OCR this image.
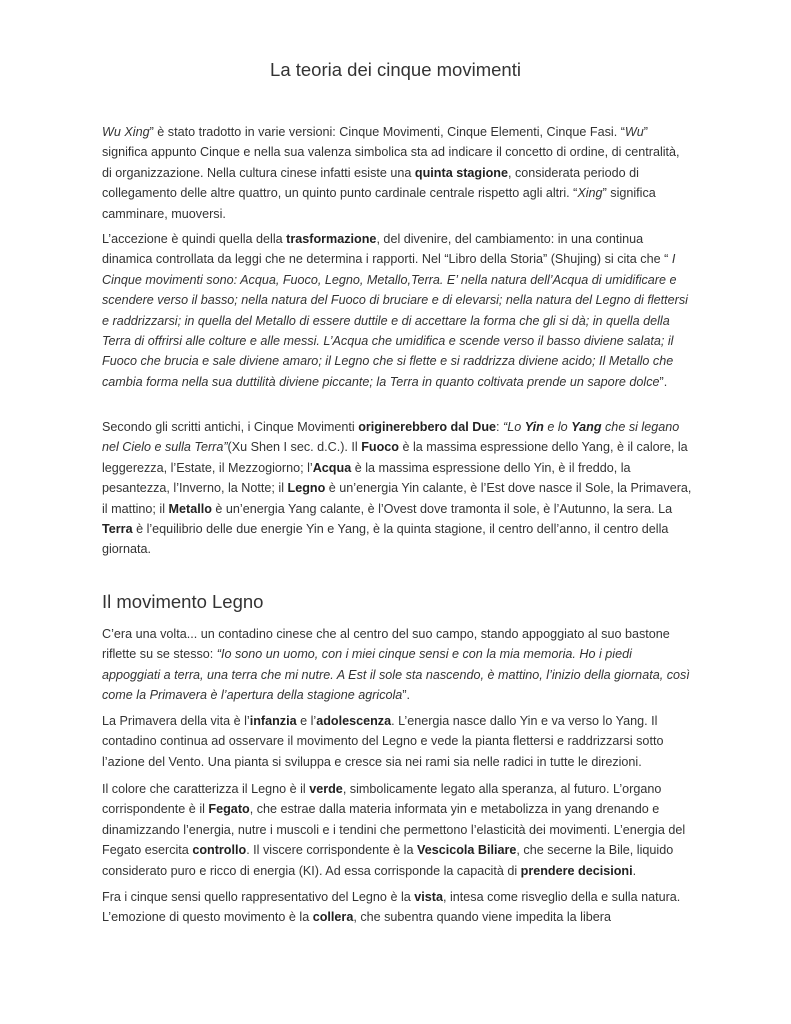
La teoria dei cinque movimenti

Wu Xing” è stato tradotto in varie versioni: Cinque Movimenti, Cinque Elementi, Cinque Fasi. “Wu” significa appunto Cinque e nella sua valenza simbolica sta ad indicare il concetto di ordine, di centralità, di organizzazione. Nella cultura cinese infatti esiste una quinta stagione, considerata periodo di collegamento delle altre quattro, un quinto punto cardinale centrale rispetto agli altri. “Xing” significa camminare, muoversi.

L’accezione è quindi quella della trasformazione, del divenire, del cambiamento: in una continua dinamica controllata da leggi che ne determina i rapporti. Nel “Libro della Storia” (Shujing) si cita che “ I Cinque movimenti sono: Acqua, Fuoco, Legno, Metallo,Terra. E’ nella natura dell’Acqua di umidificare e scendere verso il basso; nella natura del Fuoco di bruciare e di elevarsi; nella natura del Legno di flettersi e raddrizzarsi; in quella del Metallo di essere duttile e di accettare la forma che gli si dà; in quella della Terra di offrirsi alle colture e alle messi. L’Acqua che umidifica e scende verso il basso diviene salata; il Fuoco che brucia e sale diviene amaro; il Legno che si flette e si raddrizza diviene acido; Il Metallo che cambia forma nella sua duttilità diviene piccante; la Terra in quanto coltivata prende un sapore dolce”.

Secondo gli scritti antichi, i Cinque Movimenti originerebbero dal Due: “Lo Yin e lo Yang che si legano nel Cielo e sulla Terra”(Xu Shen I sec. d.C.). Il Fuoco è la massima espressione dello Yang, è il calore, la leggerezza, l’Estate, il Mezzogiorno; l’Acqua è la massima espressione dello Yin, è il freddo, la pesantezza, l’Inverno, la Notte; il Legno è un’energia Yin calante, è l’Est dove nasce il Sole, la Primavera, il mattino; il Metallo è un’energia Yang calante, è l’Ovest dove tramonta il sole, è l’Autunno, la sera. La Terra è l’equilibrio delle due energie Yin e Yang, è la quinta stagione, il centro dell’anno, il centro della giornata.

Il movimento Legno

C’era una volta... un contadino cinese che al centro del suo campo, stando appoggiato al suo bastone riflette su se stesso: “Io sono un uomo, con i miei cinque sensi e con la mia memoria. Ho i piedi appoggiati a terra, una terra che mi nutre. A Est il sole sta nascendo, è mattino, l’inizio della giornata, così come la Primavera è l’apertura della stagione agricola”.

La Primavera della vita è l’infanzia e l’adolescenza. L’energia nasce dallo Yin e va verso lo Yang. Il contadino continua ad osservare il movimento del Legno e vede la pianta flettersi e raddrizzarsi sotto l’azione del Vento. Una pianta si sviluppa e cresce sia nei rami sia nelle radici in tutte le direzioni.

Il colore che caratterizza il Legno è il verde, simbolicamente legato alla speranza, al futuro. L’organo corrispondente è il Fegato, che estrae dalla materia informata yin e metabolizza in yang drenando e dinamizzando l’energia, nutre i muscoli e i tendini che permettono l’elasticità dei movimenti. L’energia del Fegato esercita controllo. Il viscere corrispondente è la Vescicola Biliare, che secerne la Bile, liquido considerato puro e ricco di energia (KI). Ad essa corrisponde la capacità di prendere decisioni.

Fra i cinque sensi quello rappresentativo del Legno è la vista, intesa come risveglio della e sulla natura. L’emozione di questo movimento è la collera, che subentra quando viene impedita la libera
